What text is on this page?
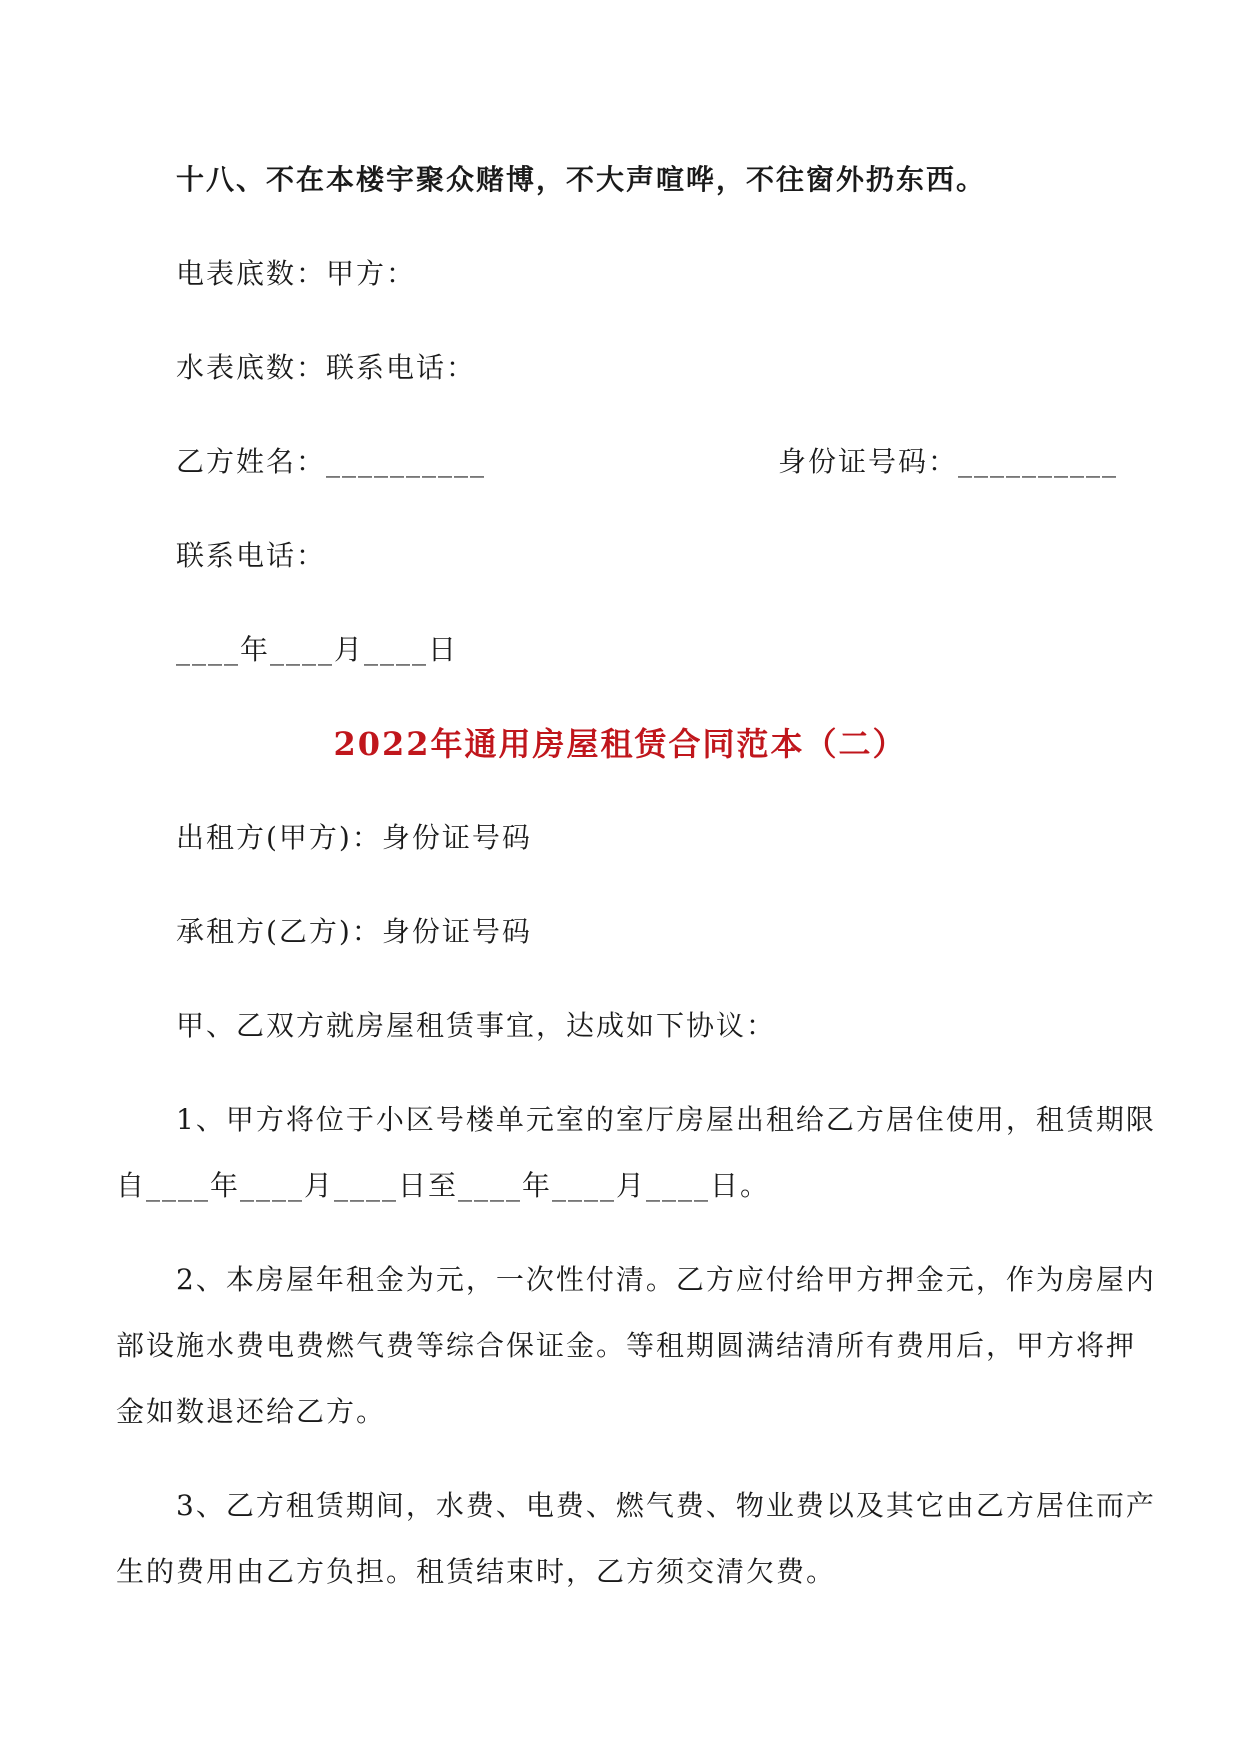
十八、不在本楼宇聚众赌博，不大声喧哗，不往窗外扔东西。
电表底数：甲方：
水表底数：联系电话：
乙方姓名：__________	身份证号码：__________
联系电话：
____年____月____日
2022年通用房屋租赁合同范本（二）
出租方(甲方)：身份证号码
承租方(乙方)：身份证号码
甲、乙双方就房屋租赁事宜，达成如下协议：
1、甲方将位于小区号楼单元室的室厅房屋出租给乙方居住使用，租赁期限
自____年____月____日至____年____月____日。
2、本房屋年租金为元，一次性付清。乙方应付给甲方押金元，作为房屋内
部设施水费电费燃气费等综合保证金。等租期圆满结清所有费用后，甲方将押
金如数退还给乙方。
3、乙方租赁期间，水费、电费、燃气费、物业费以及其它由乙方居住而产
生的费用由乙方负担。租赁结束时，乙方须交清欠费。
